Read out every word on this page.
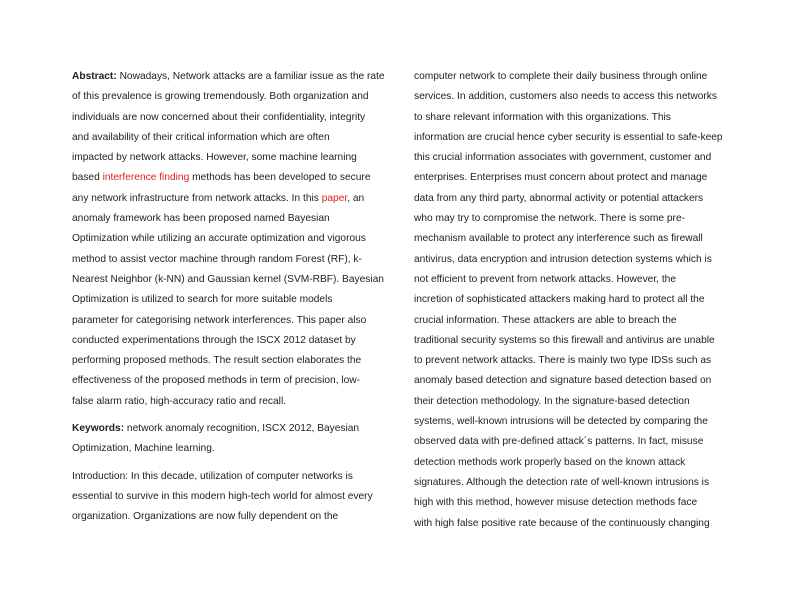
Abstract: Nowadays, Network attacks are a familiar issue as the rate
of this prevalence is growing tremendously. Both organization and
individuals are now concerned about their confidentiality, integrity
and availability of their critical information which are often
impacted by network attacks. However, some machine learning
based interference finding methods has been developed to secure
any network infrastructure from network attacks. In this paper, an
anomaly framework has been proposed named Bayesian
Optimization while utilizing an accurate optimization and vigorous
method to assist vector machine through random Forest (RF), k-
Nearest Neighbor (k-NN) and Gaussian kernel (SVM-RBF). Bayesian
Optimization is utilized to search for more suitable models
parameter for categorising network interferences. This paper also
conducted experimentations through the ISCX 2012 dataset by
performing proposed methods. The result section elaborates the
effectiveness of the proposed methods in term of precision, low-
false alarm ratio, high-accuracy ratio and recall.
Keywords: network anomaly recognition, ISCX 2012, Bayesian
Optimization, Machine learning.
Introduction: In this decade, utilization of computer networks is
essential to survive in this modern high-tech world for almost every
organization. Organizations are now fully dependent on the
computer network to complete their daily business through online
services. In addition, customers also needs to access this networks
to share relevant information with this organizations. This
information are crucial hence cyber security is essential to safe-keep
this crucial information associates with government, customer and
enterprises. Enterprises must concern about protect and manage
data from any third party, abnormal activity or potential attackers
who may try to compromise the network. There is some pre-
mechanism available to protect any interference such as firewall
antivirus, data encryption and intrusion detection systems which is
not efficient to prevent from network attacks. However, the
incretion of sophisticated attackers making hard to protect all the
crucial information. These attackers are able to breach the
traditional security systems so this firewall and antivirus are unable
to prevent network attacks. There is mainly two type IDSs such as
anomaly based detection and signature based detection based on
their detection methodology. In the signature-based detection
systems, well-known intrusions will be detected by comparing the
observed data with pre-defined attack´s patterns. In fact, misuse
detection methods work properly based on the known attack
signatures. Although the detection rate of well-known intrusions is
high with this method, however misuse detection methods face
with high false positive rate because of the continuously changing
